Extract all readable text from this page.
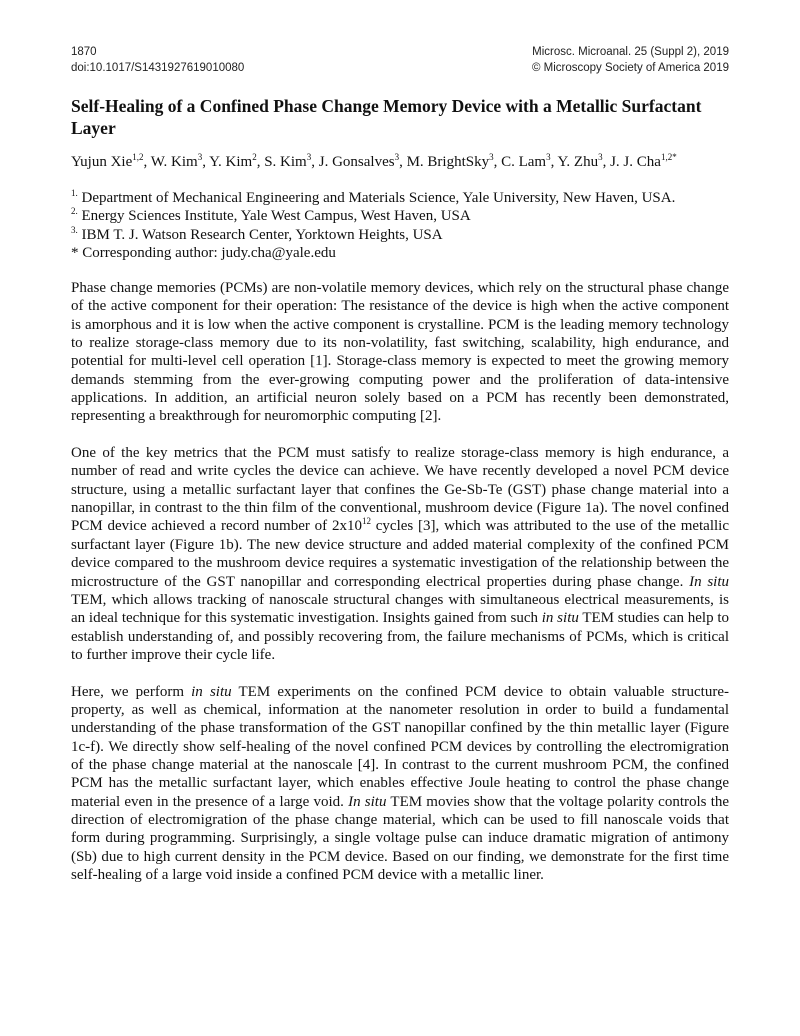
1870
doi:10.1017/S1431927619010080
Microsc. Microanal. 25 (Suppl 2), 2019
© Microscopy Society of America 2019
Self-Healing of a Confined Phase Change Memory Device with a Metallic Surfactant Layer
Yujun Xie$^{1,2}$, W. Kim$^3$, Y. Kim$^2$, S. Kim$^3$, J. Gonsalves$^3$, M. BrightSky$^3$, C. Lam$^3$, Y. Zhu$^3$, J. J. Cha$^{1,2*}$
$^{1.}$ Department of Mechanical Engineering and Materials Science, Yale University, New Haven, USA.
$^{2.}$ Energy Sciences Institute, Yale West Campus, West Haven, USA
$^{3.}$ IBM T. J. Watson Research Center, Yorktown Heights, USA
* Corresponding author: judy.cha@yale.edu

Phase change memories (PCMs) are non-volatile memory devices, which rely on the structural phase change of the active component for their operation: The resistance of the device is high when the active component is amorphous and it is low when the active component is crystalline. PCM is the leading memory technology to realize storage-class memory due to its non-volatility, fast switching, scalability, high endurance, and potential for multi-level cell operation [1]. Storage-class memory is expected to meet the growing memory demands stemming from the ever-growing computing power and the proliferation of data-intensive applications. In addition, an artificial neuron solely based on a PCM has recently been demonstrated, representing a breakthrough for neuromorphic computing [2].

One of the key metrics that the PCM must satisfy to realize storage-class memory is high endurance, a number of read and write cycles the device can achieve. We have recently developed a novel PCM device structure, using a metallic surfactant layer that confines the Ge-Sb-Te (GST) phase change material into a nanopillar, in contrast to the thin film of the conventional, mushroom device (Figure 1a). The novel confined PCM device achieved a record number of $2x10^{12}$ cycles [3], which was attributed to the use of the metallic surfactant layer (Figure 1b). The new device structure and added material complexity of the confined PCM device compared to the mushroom device requires a systematic investigation of the relationship between the microstructure of the GST nanopillar and corresponding electrical properties during phase change. In situ TEM, which allows tracking of nanoscale structural changes with simultaneous electrical measurements, is an ideal technique for this systematic investigation. Insights gained from such in situ TEM studies can help to establish understanding of, and possibly recovering from, the failure mechanisms of PCMs, which is critical to further improve their cycle life.

Here, we perform in situ TEM experiments on the confined PCM device to obtain valuable structure-property, as well as chemical, information at the nanometer resolution in order to build a fundamental understanding of the phase transformation of the GST nanopillar confined by the thin metallic layer (Figure 1c-f). We directly show self-healing of the novel confined PCM devices by controlling the electromigration of the phase change material at the nanoscale [4]. In contrast to the current mushroom PCM, the confined PCM has the metallic surfactant layer, which enables effective Joule heating to control the phase change material even in the presence of a large void. In situ TEM movies show that the voltage polarity controls the direction of electromigration of the phase change material, which can be used to fill nanoscale voids that form during programming. Surprisingly, a single voltage pulse can induce dramatic migration of antimony (Sb) due to high current density in the PCM device. Based on our finding, we demonstrate for the first time self-healing of a large void inside a confined PCM device with a metallic liner.
